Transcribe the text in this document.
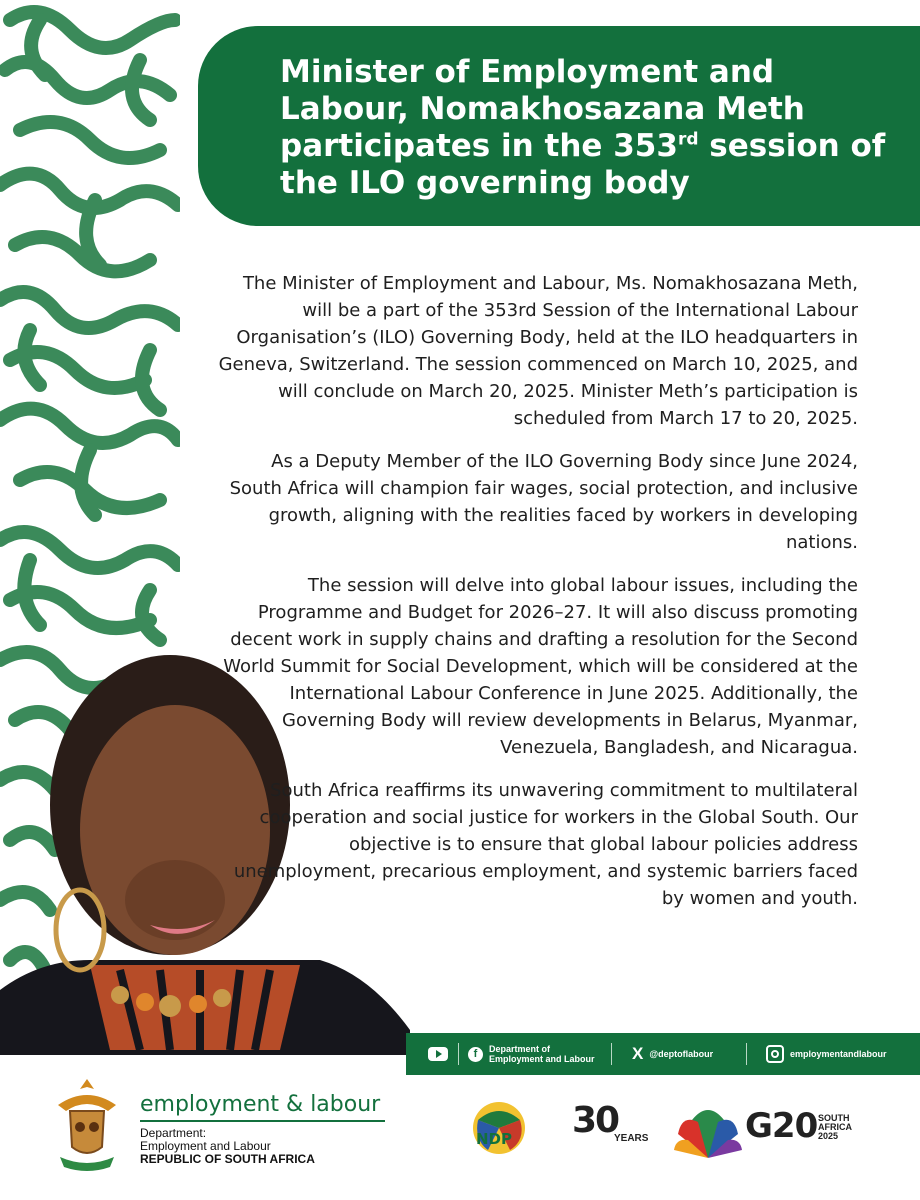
Minister of Employment and Labour, Nomakhosazana Meth participates in the 353rd session of the ILO governing body

The Minister of Employment and Labour, Ms. Nomakhosazana Meth, will be a part of the 353rd Session of the International Labour Organisation’s (ILO) Governing Body, held at the ILO headquarters in Geneva, Switzerland. The session commenced on March 10, 2025, and will conclude on March 20, 2025. Minister Meth’s participation is scheduled from March 17 to 20, 2025.

As a Deputy Member of the ILO Governing Body since June 2024, South Africa will champion fair wages, social protection, and inclusive growth, aligning with the realities faced by workers in developing nations.

The session will delve into global labour issues, including the Programme and Budget for 2026–27. It will also discuss promoting decent work in supply chains and drafting a resolution for the Second World Summit for Social Development, which will be considered at the International Labour Conference in June 2025. Additionally, the Governing Body will review developments in Belarus, Myanmar, Venezuela, Bangladesh, and Nicaragua.

South Africa reaffirms its unwavering commitment to multilateral cooperation and social justice for workers in the Global South. Our objective is to ensure that global labour policies address unemployment, precarious employment, and systemic barriers faced by women and youth.

f	Department of
Employment and Labour X @deptoflabour	employmentandlabour
employment & labour
Department:
Employment and Labour
REPUBLIC OF SOUTH AFRICA
NDP 30
YEARS	G20 SOUTH
AFRICA
2025
